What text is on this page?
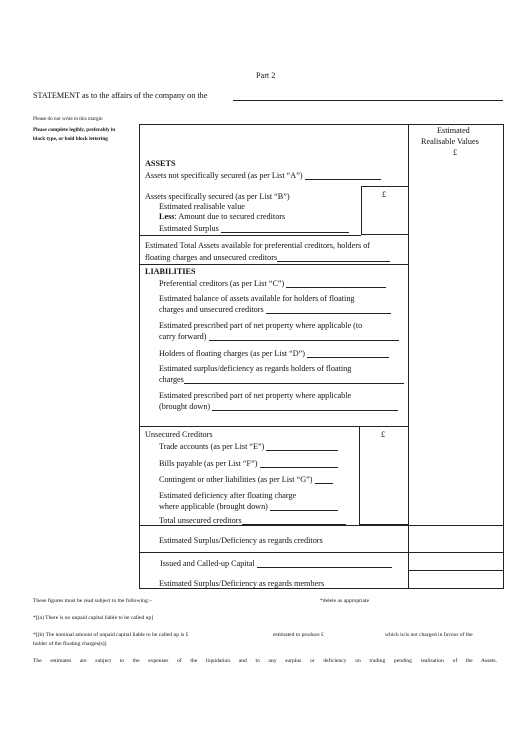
Part 2
STATEMENT as to the affairs of the company on the
Please do not write in this margin
Please complete legibly, preferably in
black type, or bold block lettering
Estimated
Realisable Values
£
ASSETS
Assets not specifically secured (as per List “A”)
£
Assets specifically secured (as per List “B”)
Estimated realisable value
Less: Amount due to secured creditors
Estimated Surplus
Estimated Total Assets available for preferential creditors, holders of
floating charges and unsecured creditors
LIABILITIES
Preferential creditors (as per List “C”)
Estimated balance of assets available for holders of floating
charges and unsecured creditors
Estimated prescribed part of net property where applicable (to
carry forward)
Holders of floating charges (as per List “D”)
Estimated surplus/deficiency as regards holders of floating
charges
Estimated prescribed part of net property where applicable
(brought down)
£
Unsecured Creditors
Trade accounts (as per List “E”)
Bills payable (as per List “F”)
Contingent or other liabilities (as per List “G”)
Estimated deficiency after floating charge
where applicable (brought down)
Total unsecured creditors
Estimated Surplus/Deficiency as regards creditors
Issued and Called-up Capital
Estimated Surplus/Deficiency as regards members
These figures must be read subject to the following:–	*delete as appropriate
*[(a) There is no unpaid capital liable to be called up]
*[(b) The nominal amount of unpaid capital liable to be called up is £	estimated to produce £	which is/is not charged in favour of the
holder of the floating charges(s)]
The estimates are subject to the expenses of the liquidation and to any surplus or deficiency on trading pending realisation of the Assets.
